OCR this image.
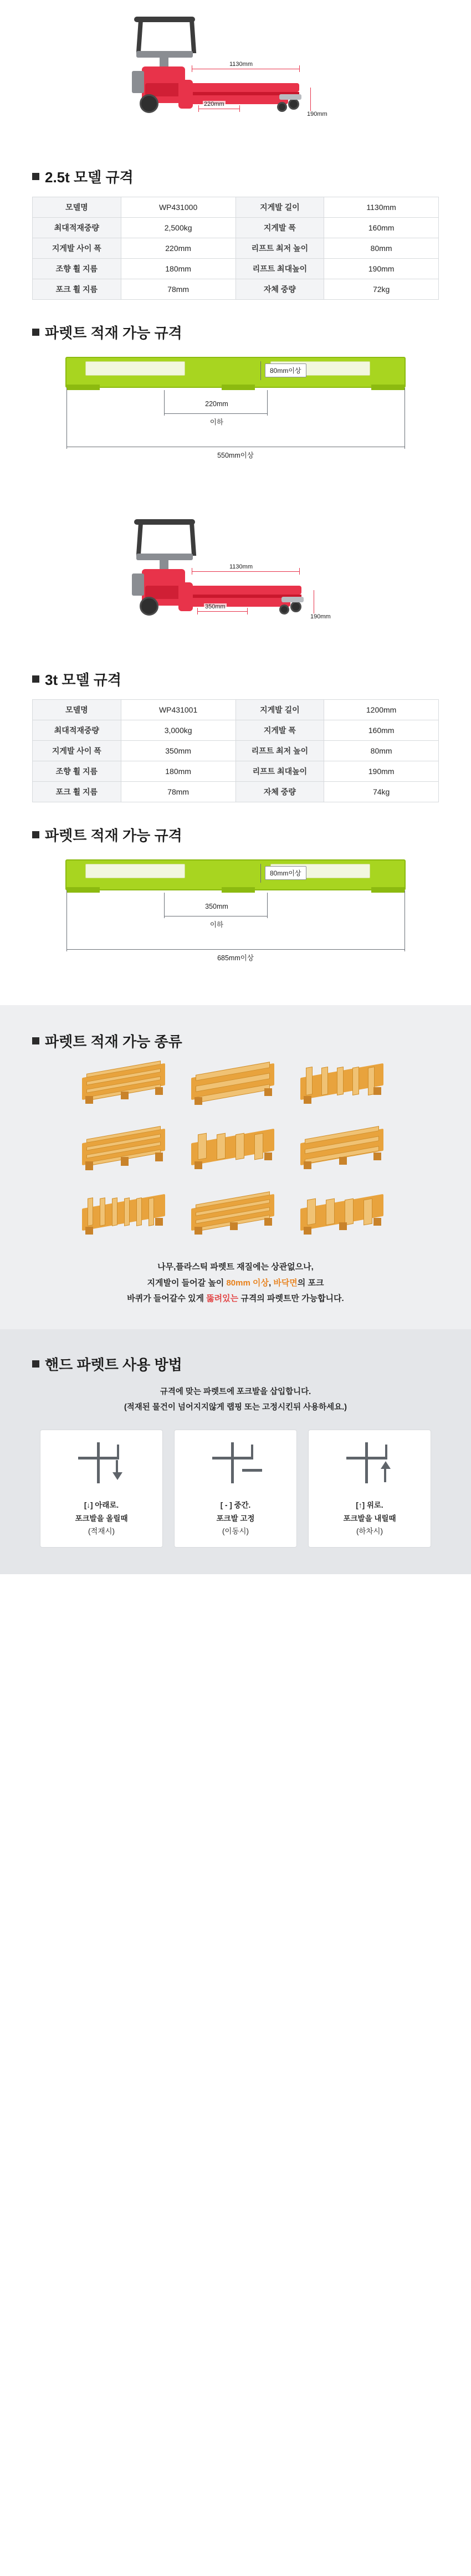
1130mm
220mm
190mm
2.5t 모델 규격
모델명	WP431000	지게발 길이	1130mm
최대적재중량	2,500kg	지게발 폭	160mm
지게발 사이 폭	220mm	리프트 최저 높이	80mm
조향 휠 지름	180mm	리프트 최대높이	190mm
포크 휠 지름	78mm	자체 중량	72kg
파렛트 적재 가능 규격
80mm이상
220mm
이하
550mm이상
1130mm
350mm
190mm
3t 모델 규격
모델명	WP431001	지게발 길이	1200mm
최대적재중량	3,000kg	지게발 폭	160mm
지게발 사이 폭	350mm	리프트 최저 높이	80mm
조향 휠 지름	180mm	리프트 최대높이	190mm
포크 휠 지름	78mm	자체 중량	74kg
파렛트 적재 가능 규격
80mm이상
350mm
이하
685mm이상
파렛트 적재 가능 종류
나무,플라스틱 파렛트 재질에는 상관없으나,
지게발이 들어갈 높이 80mm 이상, 바닥면의 포크
바퀴가 들어갈수 있게 뚫려있는 규격의 파렛트만 가능합니다.
핸드 파렛트 사용 방법
규격에 맞는 파렛트에 포크발을 삽입합니다.
(적재된 물건이 넘어지지않게 랩핑 또는 고정시킨뒤 사용하세요.)
[↓] 아래로.
포크발을 올릴때
(적재시)
[ - ] 중간.
포크발 고정
(이동시)
[↑] 위로.
포크발을 내릴때
(하차시)
